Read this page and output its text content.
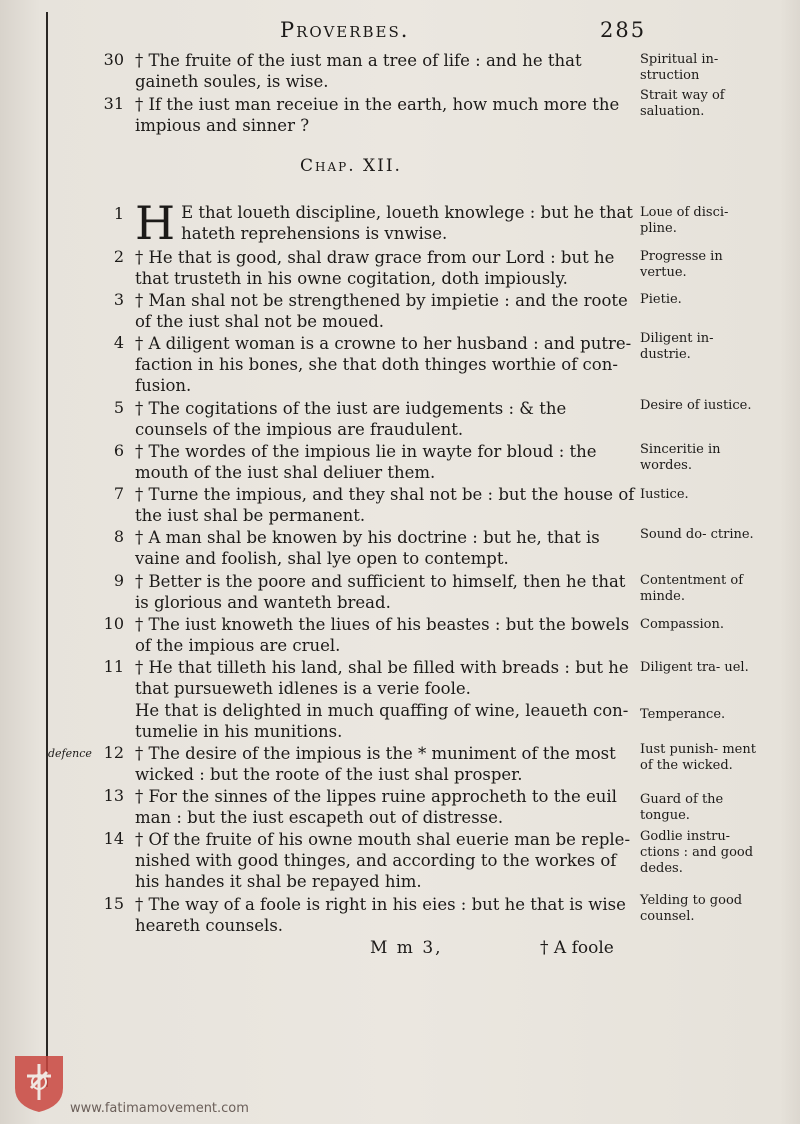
Proverbes.	285
30 † The fruite of the iust man a tree of life : and he that gaineth soules, is wise.
Spiritual in- struction
31 † If the iust man receiue in the earth, how much more the impious and sinner ?
Strait way of saluation.
Chap. XII.
1 H E that loueth discipline, loueth knowlege : but he that hateth reprehensions is vnwise.
Loue of disci- pline.
2 † He that is good, shal draw grace from our Lord : but he that trusteth in his owne cogitation, doth impiously.
Progresse in vertue.
3 † Man shal not be strengthened by impietie : and the roote of the iust shal not be moued.
Pietie.
4 † A diligent woman is a crowne to her husband : and putre- faction in his bones, she that doth thinges worthie of con- fusion.
Diligent in- dustrie.
5 † The cogitations of the iust are iudgements : & the counsels of the impious are fraudulent.
Desire of iustice.
6 † The wordes of the impious lie in wayte for bloud : the mouth of the iust shal deliuer them.
Sinceritie in wordes.
7 † Turne the impious, and they shal not be : but the house of the iust shal be permanent.
Iustice.
8 † A man shal be knowen by his doctrine : but he, that is vaine and foolish, shal lye open to contempt.
Sound do- ctrine.
9 † Better is the poore and sufficient to himself, then he that is glorious and wanteth bread.
Contentment of minde.
10 † The iust knoweth the liues of his beastes : but the bowels of the impious are cruel.
Compassion.
11 † He that tilleth his land, shal be filled with breads : but he that pursueweth idlenes is a verie foole.
Diligent tra- uel.
He that is delighted in much quaffing of wine, leaueth con- tumelie in his munitions.
Temperance.
defence 12 † The desire of the impious is the * muniment of the most wicked : but the roote of the iust shal prosper.
Iust punish- ment of the wicked.
13 † For the sinnes of the lippes ruine approcheth to the euil man : but the iust escapeth out of distresse.
Guard of the tongue.
14 † Of the fruite of his owne mouth shal euerie man be reple- nished with good thinges, and according to the workes of his handes it shal be repayed him.
Godlie instru- ctions : and good dedes.
15 † The way of a foole is right in his eies : but he that is wise heareth counsels.
Yelding to good counsel.
M m 3,	† A foole
www.fatimamovement.com
